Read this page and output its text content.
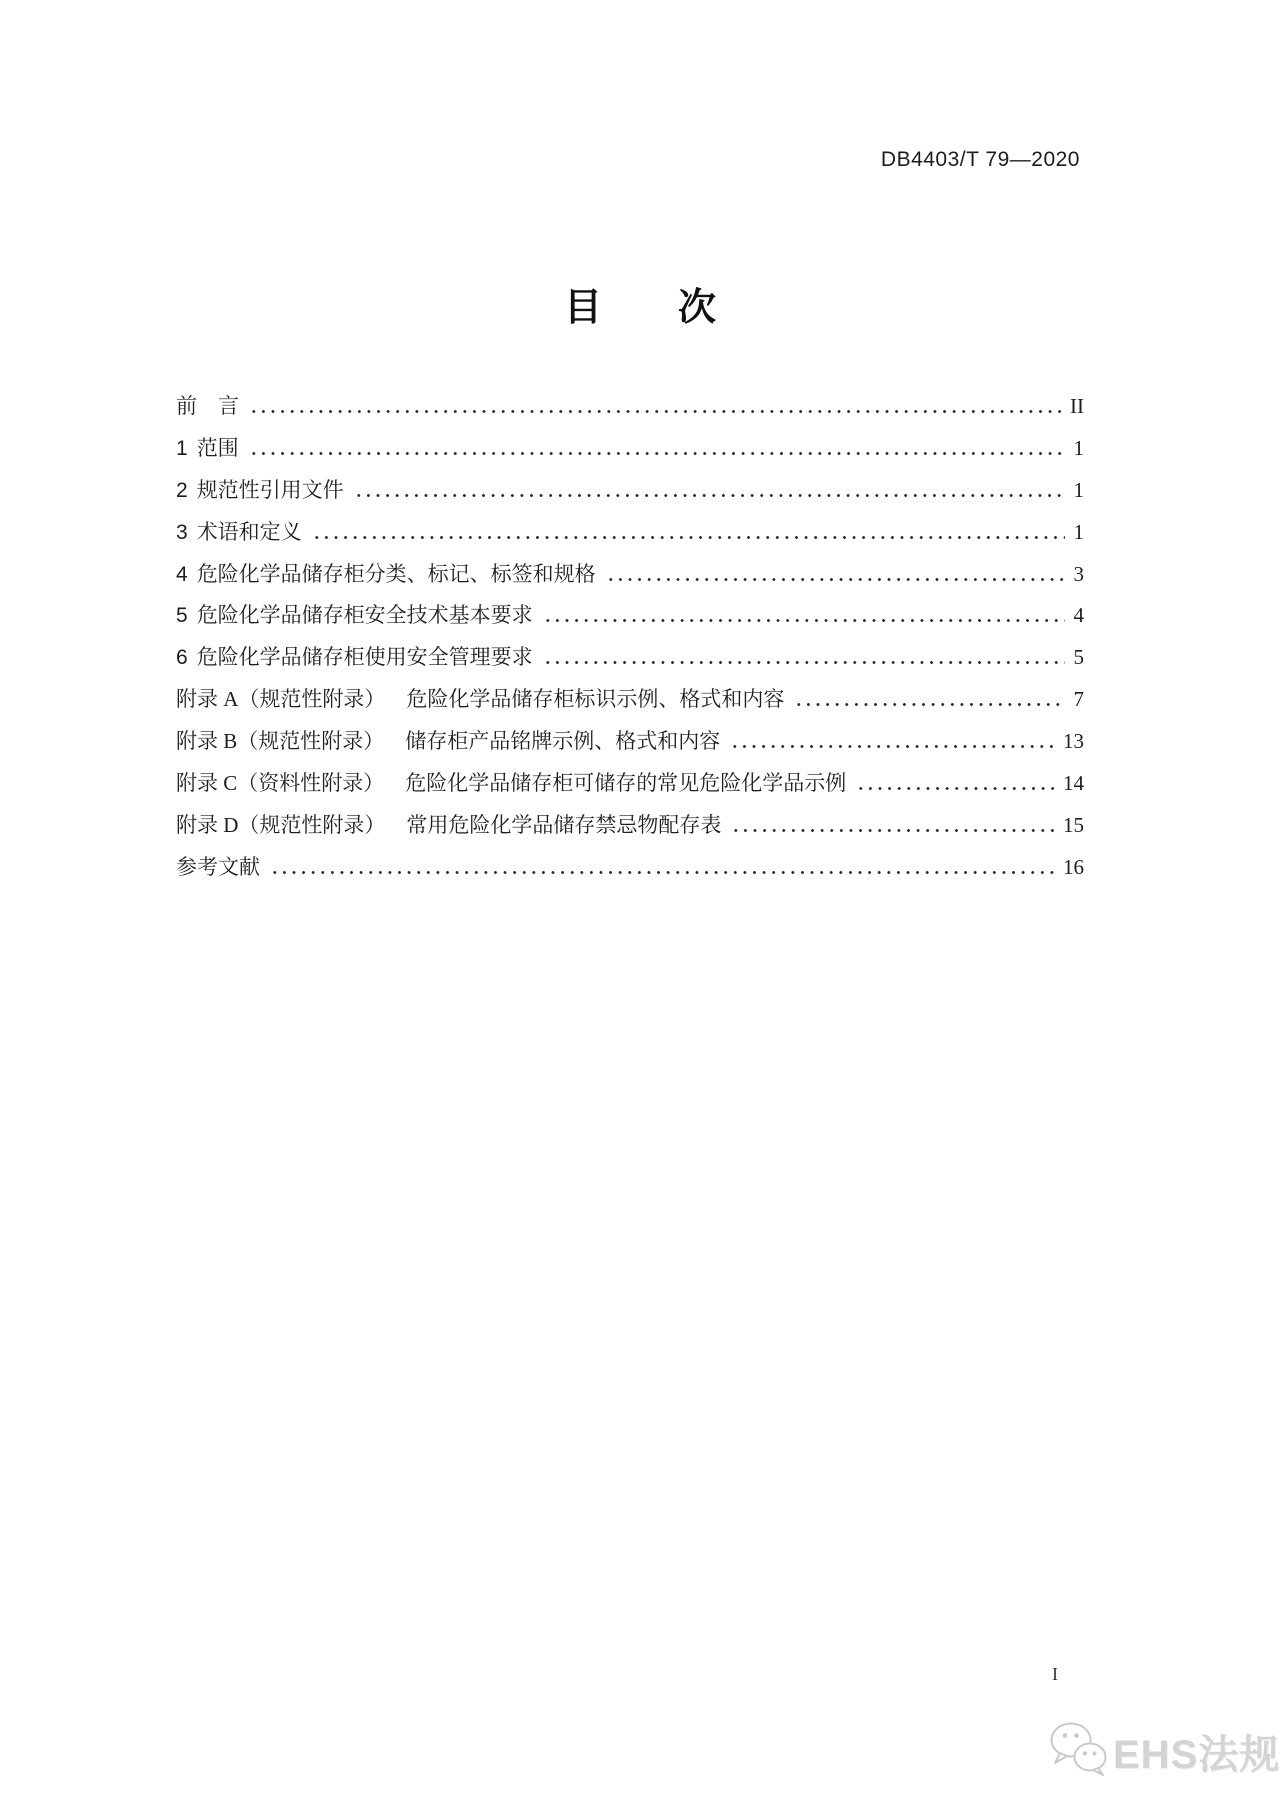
DB4403/T 79—2020
目　　次
前　言	II
1 范围	1
2 规范性引用文件	1
3 术语和定义	1
4 危险化学品储存柜分类、标记、标签和规格	3
5 危险化学品储存柜安全技术基本要求	4
6 危险化学品储存柜使用安全管理要求	5
附录 A（规范性附录） 危险化学品储存柜标识示例、格式和内容	7
附录 B（规范性附录） 储存柜产品铭牌示例、格式和内容	13
附录 C（资料性附录） 危险化学品储存柜可储存的常见危险化学品示例	14
附录 D（规范性附录） 常用危险化学品储存禁忌物配存表	15
参考文献	16
I
EHS法规
